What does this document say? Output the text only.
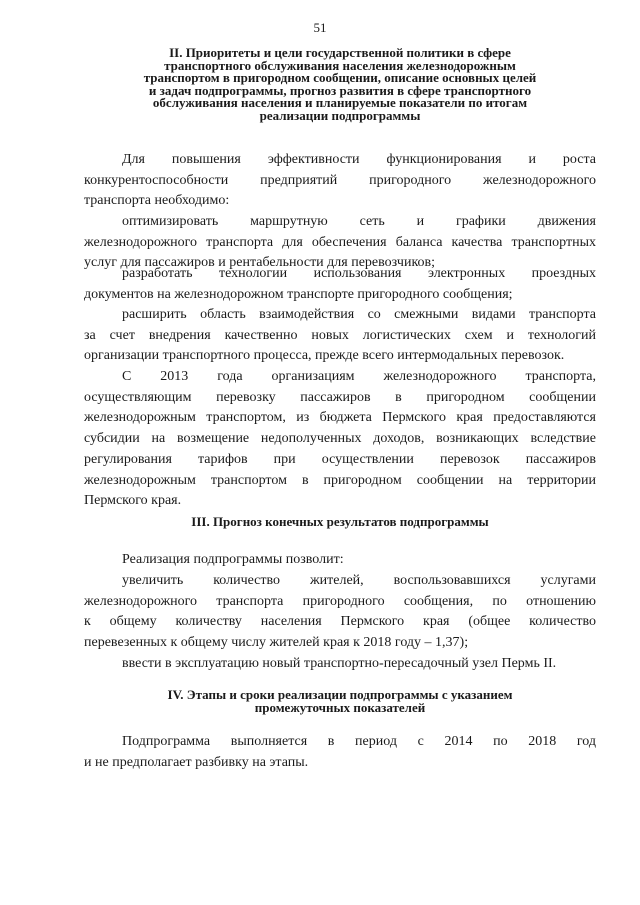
51
II. Приоритеты и цели государственной политики в сфере
транспортного обслуживания населения железнодорожным
транспортом в пригородном сообщении, описание основных целей
и задач подпрограммы, прогноз развития в сфере транспортного
обслуживания населения и планируемые показатели по итогам
реализации подпрограммы
Для повышения эффективности функционирования и роста
конкурентоспособности предприятий пригородного железнодорожного
транспорта необходимо:
оптимизировать маршрутную сеть и графики движения
железнодорожного транспорта для обеспечения баланса качества транспортных
услуг для пассажиров и рентабельности для перевозчиков;
разработать технологии использования электронных проездных
документов на железнодорожном транспорте пригородного сообщения;
расширить область взаимодействия со смежными видами транспорта
за счет внедрения качественно новых логистических схем и технологий
организации транспортного процесса, прежде всего интермодальных перевозок.
С 2013 года организациям железнодорожного транспорта,
осуществляющим перевозку пассажиров в пригородном сообщении
железнодорожным транспортом, из бюджета Пермского края предоставляются
субсидии на возмещение недополученных доходов, возникающих вследствие
регулирования тарифов при осуществлении перевозок пассажиров
железнодорожным транспортом в пригородном сообщении на территории
Пермского края.
III. Прогноз конечных результатов подпрограммы
Реализация подпрограммы позволит:
увеличить количество жителей, воспользовавшихся услугами
железнодорожного транспорта пригородного сообщения, по отношению
к общему количеству населения Пермского края (общее количество
перевезенных к общему числу жителей края к 2018 году – 1,37);
ввести в эксплуатацию новый транспортно-пересадочный узел Пермь II.
IV. Этапы и сроки реализации подпрограммы с указанием
промежуточных показателей
Подпрограмма выполняется в период с 2014 по 2018 год
и не предполагает разбивку на этапы.
